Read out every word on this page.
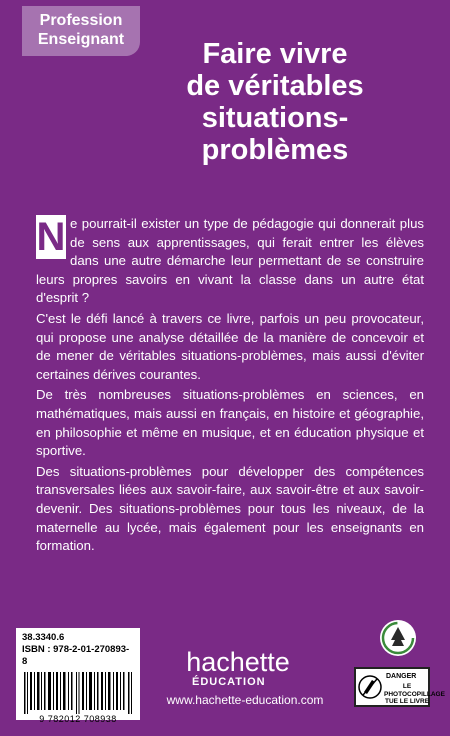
Profession
Enseignant	Faire vivre
de véritables
situations-
problèmes

N e pourrait-il exister un type de pédagogie qui donnerait plus de sens aux apprentissages, qui ferait entrer les élèves dans une autre démarche leur permettant de se construire leurs propres savoirs en vivant la classe dans un autre état d'esprit ?

C'est le défi lancé à travers ce livre, parfois un peu provocateur, qui propose une analyse détaillée de la manière de concevoir et de mener de véritables situations-problèmes, mais aussi d'éviter certaines dérives courantes.

De très nombreuses situations-problèmes en sciences, en mathématiques, mais aussi en français, en histoire et géographie, en philosophie et même en musique, et en éducation physique et sportive.

Des situations-problèmes pour développer des compétences transversales liées aux savoir-faire, aux savoir-être et aux savoir-devenir. Des situations-problèmes pour tous les niveaux, de la maternelle au lycée, mais également pour les enseignants en formation.

38.3340.6
ISBN : 978-2-01-270893-8
9 782012 708938
hachette
ÉDUCATION
www.hachette-education.com
DANGER
LE PHOTOCOPILLAGE TUE LE LIVRE
